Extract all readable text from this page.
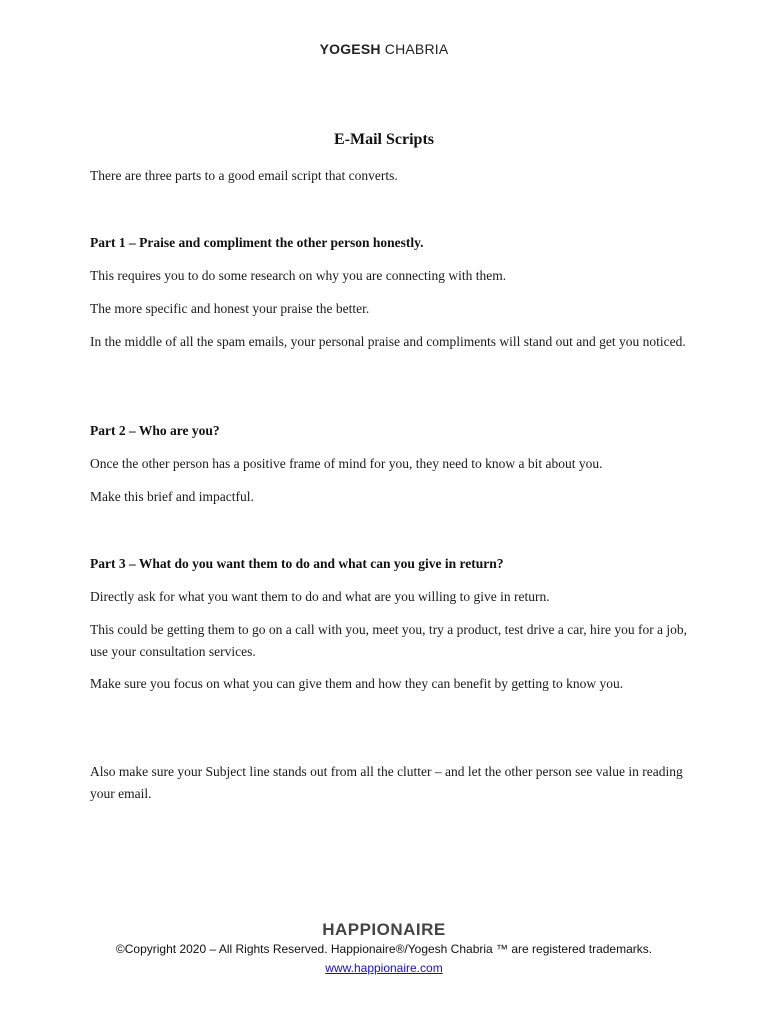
YOGESH CHABRIA
E-Mail Scripts

There are three parts to a good email script that converts.

Part 1 – Praise and compliment the other person honestly.

This requires you to do some research on why you are connecting with them.

The more specific and honest your praise the better.

In the middle of all the spam emails, your personal praise and compliments will stand out and get you noticed.

Part 2 – Who are you?

Once the other person has a positive frame of mind for you, they need to know a bit about you.

Make this brief and impactful.

Part 3 – What do you want them to do and what can you give in return?

Directly ask for what you want them to do and what are you willing to give in return.

This could be getting them to go on a call with you, meet you, try a product, test drive a car, hire you for a job, use your consultation services.

Make sure you focus on what you can give them and how they can benefit by getting to know you.

Also make sure your Subject line stands out from all the clutter – and let the other person see value in reading your email.

HAPPIONAIRE
©Copyright 2020 – All Rights Reserved. Happionaire®/Yogesh Chabria ™ are registered trademarks.
www.happionaire.com
